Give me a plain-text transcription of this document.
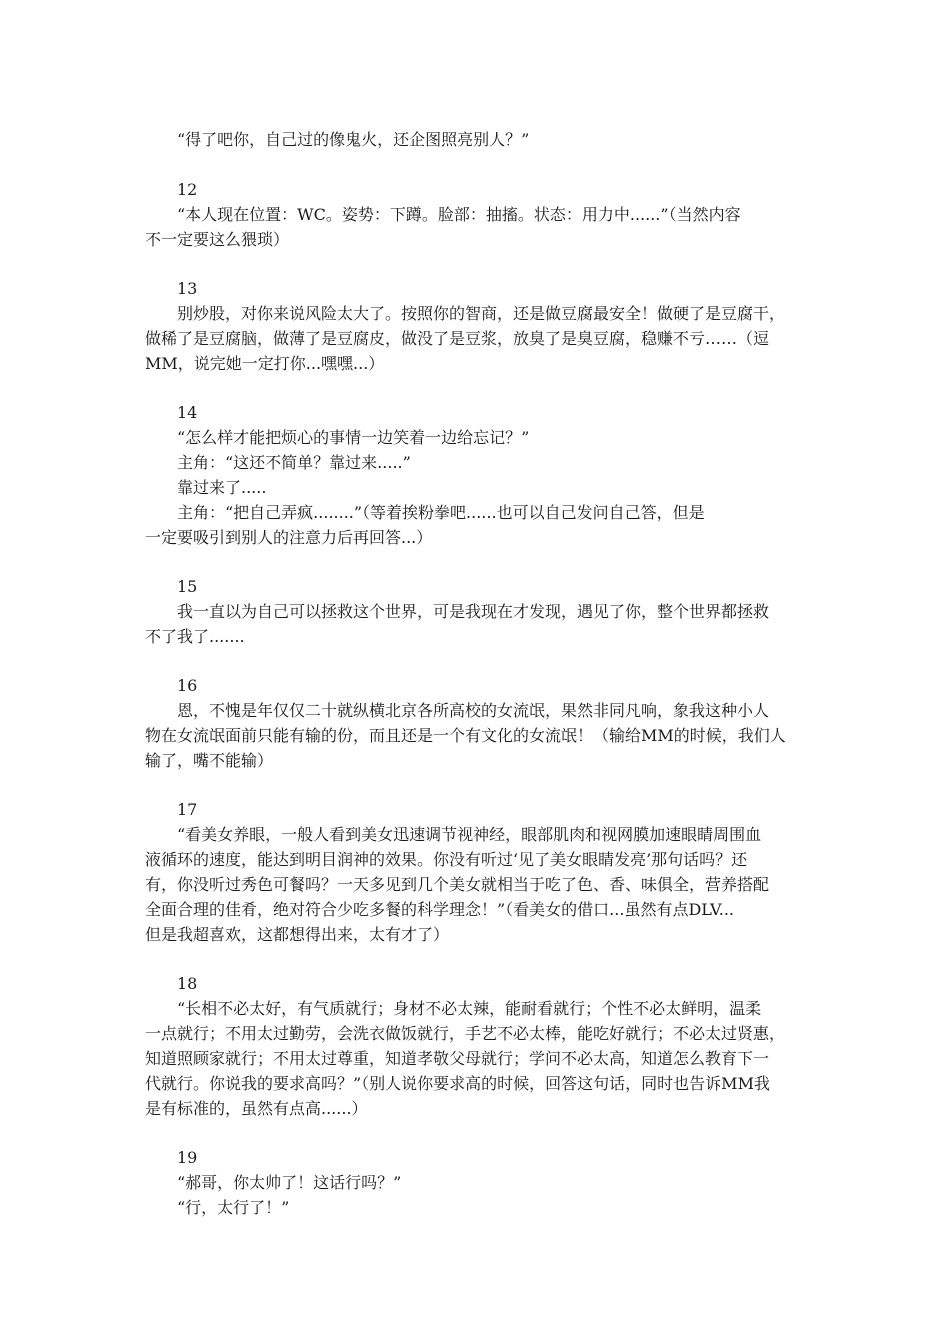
“得了吧你，自己过的像鬼火，还企图照亮别人？”
12
“本人现在位置：WC。姿势：下蹲。脸部：抽搐。状态：用力中......”（当然内容
不一定要这么猥琐）
13
别炒股，对你来说风险太大了。按照你的智商，还是做豆腐最安全！做硬了是豆腐干，
做稀了是豆腐脑，做薄了是豆腐皮，做没了是豆浆，放臭了是臭豆腐，稳赚不亏……（逗
MM，说完她一定打你...嘿嘿...）
14
“怎么样才能把烦心的事情一边笑着一边给忘记？”
主角：“这还不简单？靠过来.....”
靠过来了.....
主角：“把自己弄疯........”（等着挨粉拳吧......也可以自己发问自己答，但是
一定要吸引到别人的注意力后再回答...）
15
我一直以为自己可以拯救这个世界，可是我现在才发现，遇见了你，整个世界都拯救
不了我了.......
16
恩，不愧是年仅仅二十就纵横北京各所高校的女流氓，果然非同凡响，象我这种小人
物在女流氓面前只能有输的份，而且还是一个有文化的女流氓！（输给MM的时候，我们人
输了，嘴不能输）
17
“看美女养眼，一般人看到美女迅速调节视神经，眼部肌肉和视网膜加速眼睛周围血
液循环的速度，能达到明目润神的效果。你没有听过‘见了美女眼睛发亮’那句话吗？还
有，你没听过秀色可餐吗？一天多见到几个美女就相当于吃了色、香、味俱全，营养搭配
全面合理的佳肴，绝对符合少吃多餐的科学理念！”（看美女的借口...虽然有点DLV...
但是我超喜欢，这都想得出来，太有才了）
18
“长相不必太好，有气质就行；身材不必太辣，能耐看就行；个性不必太鲜明，温柔
一点就行；不用太过勤劳，会洗衣做饭就行，手艺不必太棒，能吃好就行；不必太过贤惠，
知道照顾家就行；不用太过尊重，知道孝敬父母就行；学问不必太高，知道怎么教育下一
代就行。你说我的要求高吗？”（别人说你要求高的时候，回答这句话，同时也告诉MM我
是有标准的，虽然有点高......）
19
“郝哥，你太帅了！这话行吗？”
“行，太行了！”
